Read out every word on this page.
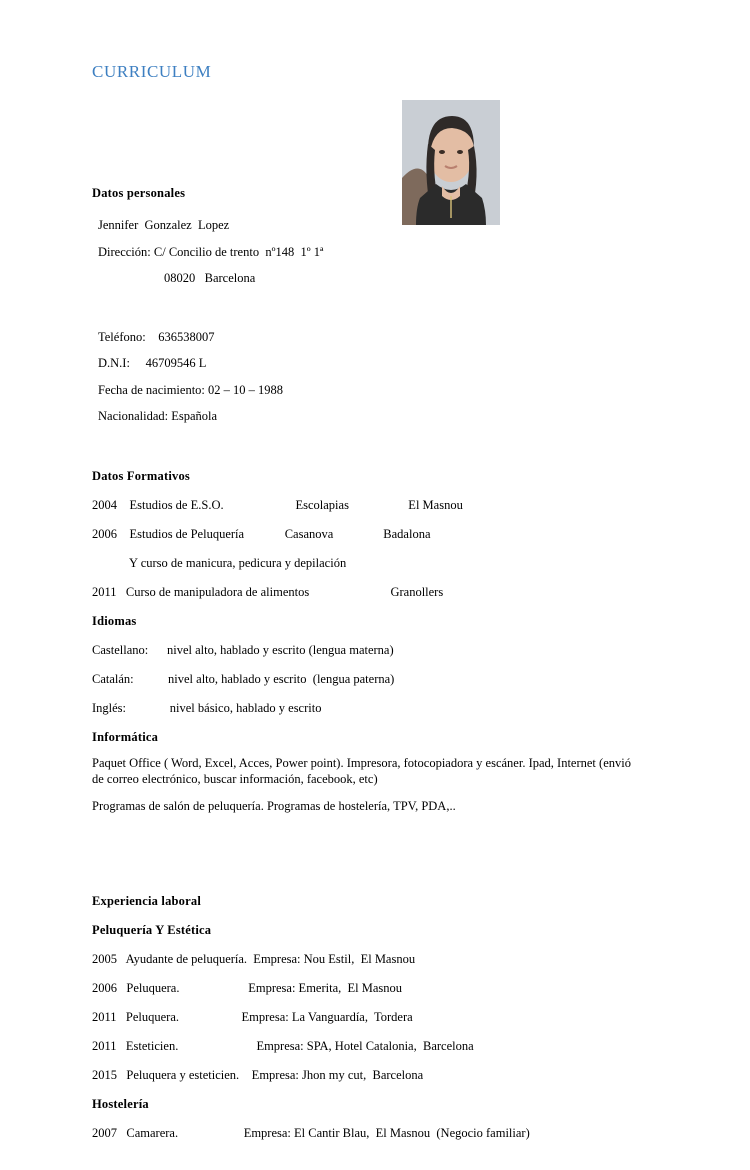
CURRICULUM
Datos personales
Jennifer  Gonzalez  Lopez
Dirección: C/ Concilio de trento  nº148  1º 1ª
08020   Barcelona
Teléfono:    636538007
D.N.I:     46709546 L
Fecha de nacimiento: 02 – 10 – 1988
Nacionalidad: Española
Datos Formativos
2004    Estudios de E.S.O.                       Escolapias                   El Masnou
2006    Estudios de Peluquería             Casanova                Badalona
Y curso de manicura, pedicura y depilación
2011   Curso de manipuladora de alimentos                          Granollers
Idiomas
Castellano:      nivel alto, hablado y escrito (lengua materna)
Catalán:           nivel alto, hablado y escrito  (lengua paterna)
Inglés:              nivel básico, hablado y escrito
Informática
Paquet Office ( Word, Excel, Acces, Power point). Impresora, fotocopiadora y escáner. Ipad, Internet (envió de correo electrónico, buscar información, facebook, etc)
Programas de salón de peluquería. Programas de hostelería, TPV, PDA,..
Experiencia laboral
Peluquería Y Estética
2005   Ayudante de peluquería.  Empresa: Nou Estil,  El Masnou
2006   Peluquera.                      Empresa: Emerita,  El Masnou
2011   Peluquera.                    Empresa: La Vanguardía,  Tordera
2011   Esteticien.                         Empresa: SPA, Hotel Catalonia,  Barcelona
2015   Peluquera y esteticien.    Empresa: Jhon my cut,  Barcelona
Hostelería
2007   Camarera.                     Empresa: El Cantir Blau,  El Masnou  (Negocio familiar)
